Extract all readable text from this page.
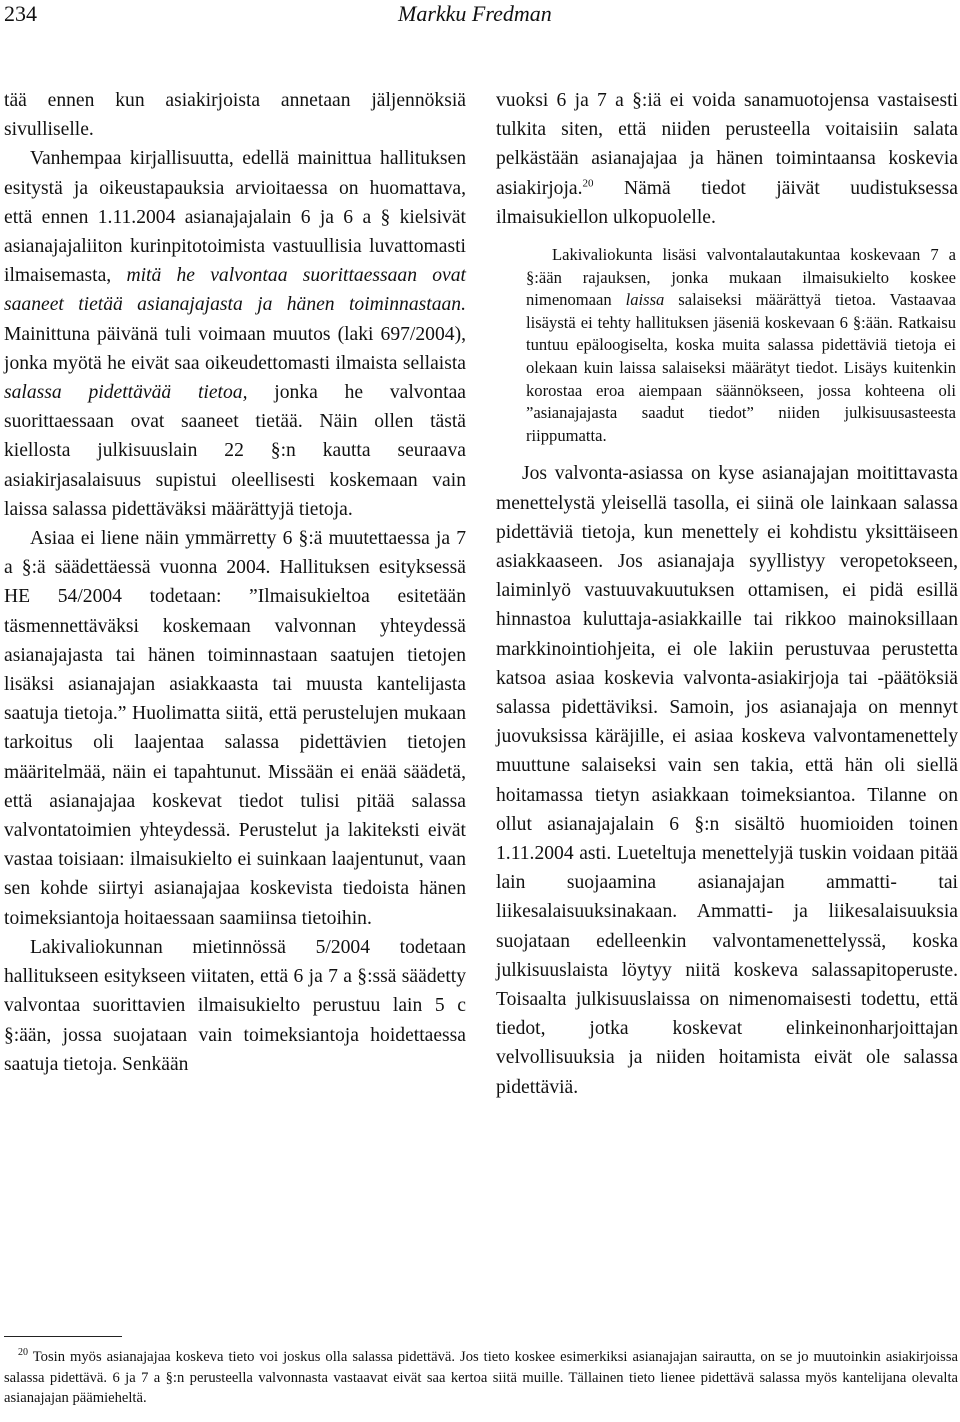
234	Markku Fredman

tää ennen kun asiakirjoista annetaan jäljennöksiä sivulliselle.

Vanhempaa kirjallisuutta, edellä mainittua hallituksen esitystä ja oikeustapauksia arvioitaessa on huomattava, että ennen 1.11.2004 asianajajalain 6 ja 6 a § kielsivät asianajajaliiton kurinpitotoimista vastuullisia luvattomasti ilmaisemasta, mitä he valvontaa suorittaessaan ovat saaneet tietää asianajajasta ja hänen toiminnastaan. Mainittuna päivänä tuli voimaan muutos (laki 697/2004), jonka myötä he eivät saa oikeudettomasti ilmaista sellaista salassa pidettävää tietoa, jonka he valvontaa suorittaessaan ovat saaneet tietää. Näin ollen tästä kiellosta julkisuuslain 22 §:n kautta seuraava asiakirjasalaisuus supistui oleellisesti koskemaan vain laissa salassa pidettäväksi määrättyjä tietoja.

Asiaa ei liene näin ymmärretty 6 §:ä muutettaessa ja 7 a §:ä säädettäessä vuonna 2004. Hallituksen esityksessä HE 54/2004 todetaan: ”Ilmaisukieltoa esitetään täsmennettäväksi koskemaan valvonnan yhteydessä asianajajasta tai hänen toiminnastaan saatujen tietojen lisäksi asianajajan asiakkaasta tai muusta kantelijasta saatuja tietoja.” Huolimatta siitä, että perustelujen mukaan tarkoitus oli laajentaa salassa pidettävien tietojen määritelmää, näin ei tapahtunut. Missään ei enää säädetä, että asianajajaa koskevat tiedot tulisi pitää salassa valvontatoimien yhteydessä. Perustelut ja lakiteksti eivät vastaa toisiaan: ilmaisukielto ei suinkaan laajentunut, vaan sen kohde siirtyi asianajajaa koskevista tiedoista hänen toimeksiantoja hoitaessaan saamiinsa tietoihin.

Lakivaliokunnan mietinnössä 5/2004 todetaan hallitukseen esitykseen viitaten, että 6 ja 7 a §:ssä säädetty valvontaa suorittavien ilmaisukielto perustuu lain 5 c §:ään, jossa suojataan vain toimeksiantoja hoidettaessa saatuja tietoja. Senkään

vuoksi 6 ja 7 a §:iä ei voida sanamuotojensa vastaisesti tulkita siten, että niiden perusteella voitaisiin salata pelkästään asianajajaa ja hänen toimintaansa koskevia asiakirjoja.$^{20}$ Nämä tiedot jäivät uudistuksessa ilmaisukiellon ulkopuolelle.

Lakivaliokunta lisäsi valvontalautakuntaa koskevaan 7 a §:ään rajauksen, jonka mukaan ilmaisukielto koskee nimenomaan laissa salaiseksi määrättyä tietoa. Vastaavaa lisäystä ei tehty hallituksen jäseniä koskevaan 6 §:ään. Ratkaisu tuntuu epäloogiselta, koska muita salassa pidettäviä tietoja ei olekaan kuin laissa salaiseksi määrätyt tiedot. Lisäys kuitenkin korostaa eroa aiempaan säännökseen, jossa kohteena oli ”asianajajasta saadut tiedot” niiden julkisuusasteesta riippumatta.

Jos valvonta-asiassa on kyse asianajajan moitittavasta menettelystä yleisellä tasolla, ei siinä ole lainkaan salassa pidettäviä tietoja, kun menettely ei kohdistu yksittäiseen asiakkaaseen. Jos asianajaja syyllistyy veropetokseen, laiminlyö vastuuvakuutuksen ottamisen, ei pidä esillä hinnastoa kuluttaja-asiakkaille tai rikkoo mainoksillaan markkinointiohjeita, ei ole lakiin perustuvaa perustetta katsoa asiaa koskevia valvonta-asiakirjoja tai -päätöksiä salassa pidettäviksi. Samoin, jos asianajaja on mennyt juovuksissa käräjille, ei asiaa koskeva valvontamenettely muuttune salaiseksi vain sen takia, että hän oli siellä hoitamassa tietyn asiakkaan toimeksiantoa. Tilanne on ollut asianajajalain 6 §:n sisältö huomioiden toinen 1.11.2004 asti. Lueteltuja menettelyjä tuskin voidaan pitää lain suojaamina asianajajan ammatti- tai liikesalaisuuksinakaan. Ammatti- ja liikesalaisuuksia suojataan edelleenkin valvontamenettelyssä, koska julkisuuslaista löytyy niitä koskeva salassapitoperuste. Toisaalta julkisuuslaissa on nimenomaisesti todettu, että tiedot, jotka koskevat elinkeinonharjoittajan velvollisuuksia ja niiden hoitamista eivät ole salassa pidettäviä.

$^{20}$ Tosin myös asianajajaa koskeva tieto voi joskus olla salassa pidettävä. Jos tieto koskee esimerkiksi asianajajan sairautta, on se jo muutoinkin asiakirjoissa salassa pidettävä. 6 ja 7 a §:n perusteella valvonnasta vastaavat eivät saa kertoa siitä muille. Tällainen tieto lienee pidettävä salassa myös kantelijana olevalta asianajajan päämieheltä.
